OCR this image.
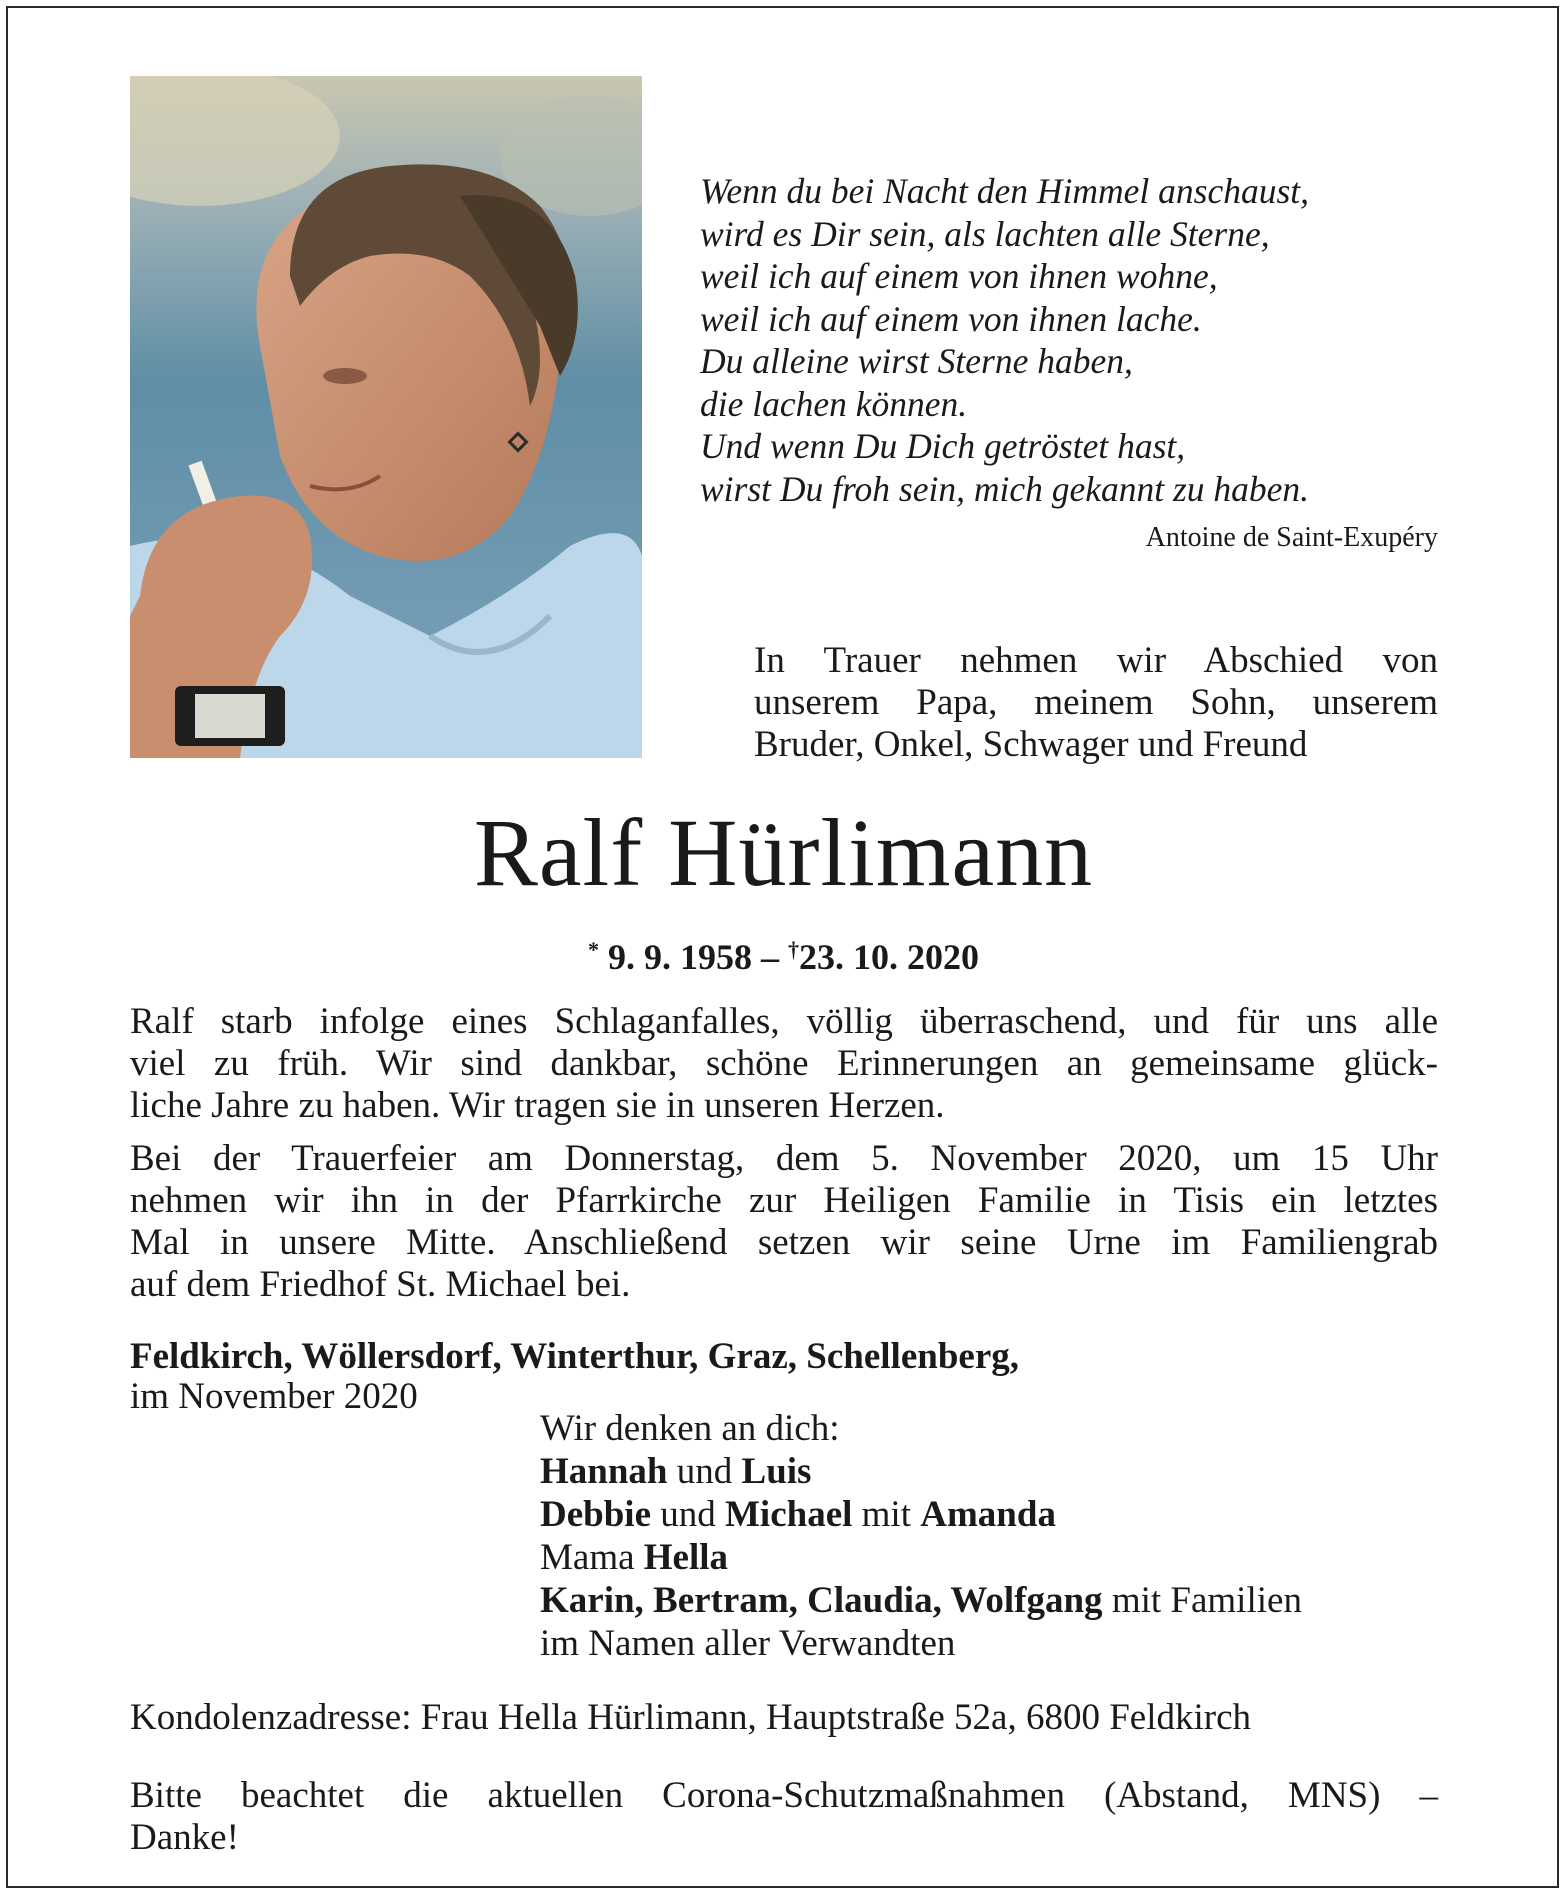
Wenn du bei Nacht den Himmel anschaust,
wird es Dir sein, als lachten alle Sterne,
weil ich auf einem von ihnen wohne,
weil ich auf einem von ihnen lache.
Du alleine wirst Sterne haben,
die lachen können.
Und wenn Du Dich getröstet hast,
wirst Du froh sein, mich gekannt zu haben.
Antoine de Saint-Exupéry
In Trauer nehmen wir Abschied von
unserem Papa, meinem Sohn, unserem
Bruder, Onkel, Schwager und Freund
Ralf Hürlimann
* 9. 9. 1958 – †23. 10. 2020
Ralf starb infolge eines Schlaganfalles, völlig überraschend, und für uns alle
viel zu früh. Wir sind dankbar, schöne Erinnerungen an gemeinsame glück-
liche Jahre zu haben. Wir tragen sie in unseren Herzen.
Bei der Trauerfeier am Donnerstag, dem 5. November 2020, um 15 Uhr
nehmen wir ihn in der Pfarrkirche zur Heiligen Familie in Tisis ein letztes
Mal in unsere Mitte. Anschließend setzen wir seine Urne im Familiengrab
auf dem Friedhof St. Michael bei.
Feldkirch, Wöllersdorf, Winterthur, Graz, Schellenberg,
im November 2020
Wir denken an dich:
Hannah und Luis
Debbie und Michael mit Amanda
Mama Hella
Karin, Bertram, Claudia, Wolfgang mit Familien
im Namen aller Verwandten
Kondolenzadresse: Frau Hella Hürlimann, Hauptstraße 52a, 6800 Feldkirch
Bitte beachtet die aktuellen Corona-Schutzmaßnahmen (Abstand, MNS) –
Danke!
